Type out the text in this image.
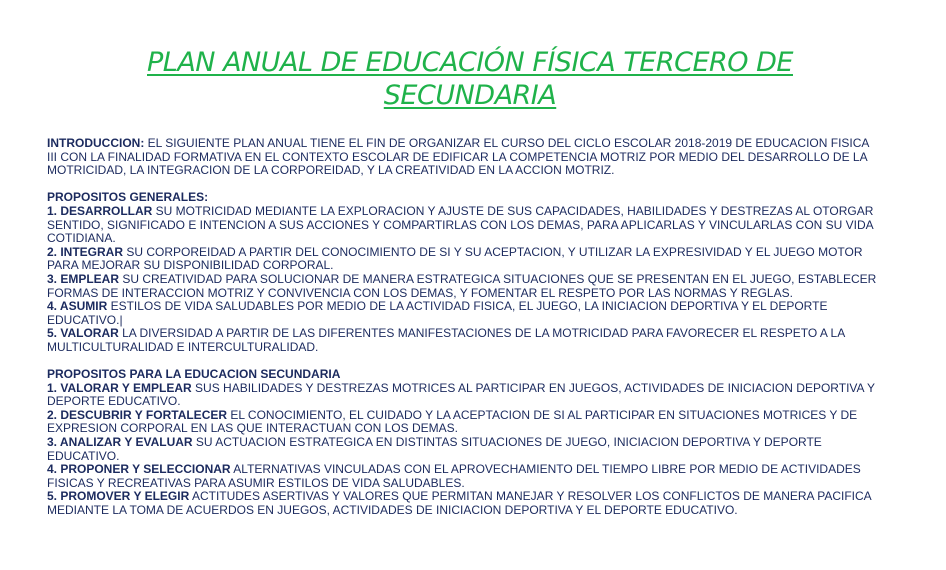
PLAN ANUAL DE EDUCACIÓN FÍSICA TERCERO DE
SECUNDARIA

INTRODUCCION: EL SIGUIENTE PLAN ANUAL TIENE EL FIN DE ORGANIZAR EL CURSO DEL CICLO ESCOLAR 2018-2019 DE EDUCACION FISICA III CON LA FINALIDAD FORMATIVA EN EL CONTEXTO ESCOLAR DE EDIFICAR LA COMPETENCIA MOTRIZ POR MEDIO DEL DESARROLLO DE LA MOTRICIDAD, LA INTEGRACION DE LA CORPOREIDAD, Y LA CREATIVIDAD EN LA ACCION MOTRIZ.

PROPOSITOS GENERALES:

1. DESARROLLAR SU MOTRICIDAD MEDIANTE LA EXPLORACION Y AJUSTE DE SUS CAPACIDADES, HABILIDADES Y DESTREZAS AL OTORGAR SENTIDO, SIGNIFICADO E INTENCION A SUS ACCIONES Y COMPARTIRLAS CON LOS DEMAS, PARA APLICARLAS Y VINCULARLAS CON SU VIDA COTIDIANA.

2. INTEGRAR SU CORPOREIDAD A PARTIR DEL CONOCIMIENTO DE SI Y SU ACEPTACION, Y UTILIZAR LA EXPRESIVIDAD Y EL JUEGO MOTOR PARA MEJORAR SU DISPONIBILIDAD CORPORAL.

3. EMPLEAR SU CREATIVIDAD PARA SOLUCIONAR DE MANERA ESTRATEGICA SITUACIONES QUE SE PRESENTAN EN EL JUEGO, ESTABLECER FORMAS DE INTERACCION MOTRIZ Y CONVIVENCIA CON LOS DEMAS, Y FOMENTAR EL RESPETO POR LAS NORMAS Y REGLAS.

4. ASUMIR ESTILOS DE VIDA SALUDABLES POR MEDIO DE LA ACTIVIDAD FISICA, EL JUEGO, LA INICIACION DEPORTIVA Y EL DEPORTE EDUCATIVO.|

5. VALORAR LA DIVERSIDAD A PARTIR DE LAS DIFERENTES MANIFESTACIONES DE LA MOTRICIDAD PARA FAVORECER EL RESPETO A LA MULTICULTURALIDAD E INTERCULTURALIDAD.

PROPOSITOS PARA LA EDUCACION SECUNDARIA

1. VALORAR Y EMPLEAR SUS HABILIDADES Y DESTREZAS MOTRICES AL PARTICIPAR EN JUEGOS, ACTIVIDADES DE INICIACION DEPORTIVA Y DEPORTE EDUCATIVO.

2. DESCUBRIR Y FORTALECER EL CONOCIMIENTO, EL CUIDADO Y LA ACEPTACION DE SI AL PARTICIPAR EN SITUACIONES MOTRICES Y DE EXPRESION CORPORAL EN LAS QUE INTERACTUAN CON LOS DEMAS.

3. ANALIZAR Y EVALUAR SU ACTUACION ESTRATEGICA EN DISTINTAS SITUACIONES DE JUEGO, INICIACION DEPORTIVA Y DEPORTE EDUCATIVO.

4. PROPONER Y SELECCIONAR ALTERNATIVAS VINCULADAS CON EL APROVECHAMIENTO DEL TIEMPO LIBRE POR MEDIO DE ACTIVIDADES FISICAS Y RECREATIVAS PARA ASUMIR ESTILOS DE VIDA SALUDABLES.

5. PROMOVER Y ELEGIR ACTITUDES ASERTIVAS Y VALORES QUE PERMITAN MANEJAR Y RESOLVER LOS CONFLICTOS DE MANERA PACIFICA MEDIANTE LA TOMA DE ACUERDOS EN JUEGOS, ACTIVIDADES DE INICIACION DEPORTIVA Y EL DEPORTE EDUCATIVO.
